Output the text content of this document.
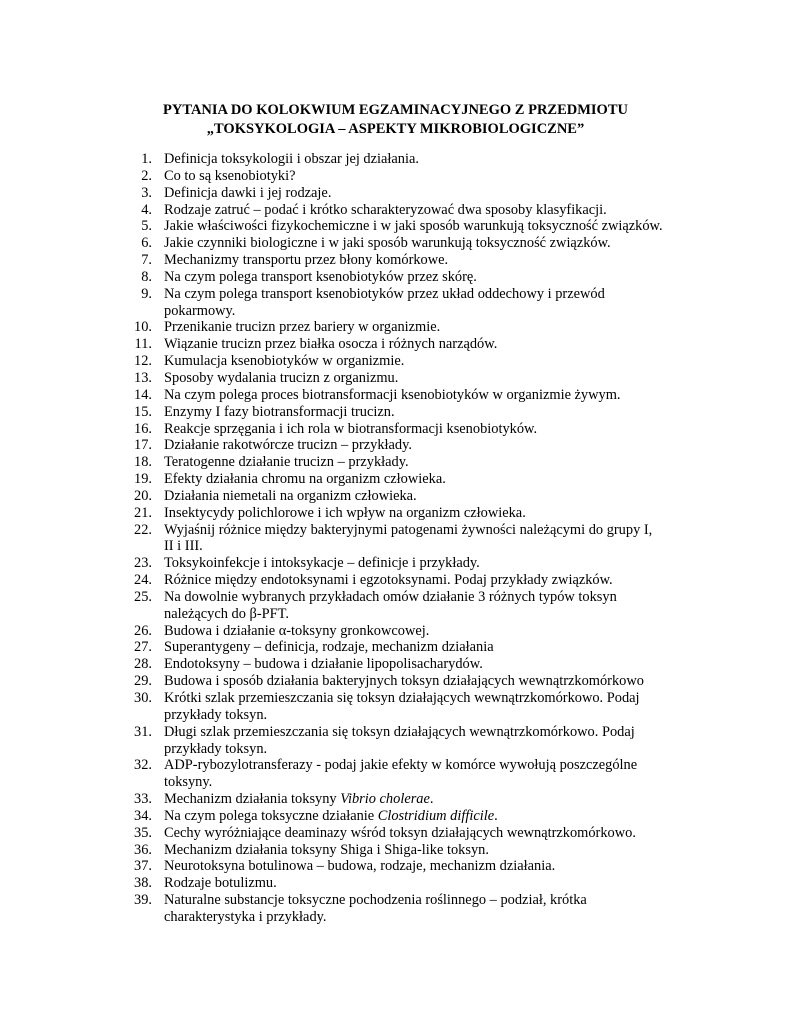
PYTANIA DO KOLOKWIUM EGZAMINACYJNEGO Z PRZEDMIOTU
„TOKSYKOLOGIA – ASPEKTY MIKROBIOLOGICZNE”
1. Definicja toksykologii i obszar jej działania.
2. Co to są ksenobiotyki?
3. Definicja dawki i jej rodzaje.
4. Rodzaje zatruć – podać i krótko scharakteryzować dwa sposoby klasyfikacji.
5. Jakie właściwości fizykochemiczne i w jaki sposób warunkują toksyczność związków.
6. Jakie czynniki biologiczne i w jaki sposób warunkują toksyczność związków.
7. Mechanizmy transportu przez błony komórkowe.
8. Na czym polega transport ksenobiotyków przez skórę.
9. Na czym polega transport ksenobiotyków przez układ oddechowy i przewód
pokarmowy.
10. Przenikanie trucizn przez bariery w organizmie.
11. Wiązanie trucizn przez białka osocza i różnych narządów.
12. Kumulacja ksenobiotyków w organizmie.
13. Sposoby wydalania trucizn z organizmu.
14. Na czym polega proces biotransformacji ksenobiotyków w organizmie żywym.
15. Enzymy I fazy biotransformacji trucizn.
16. Reakcje sprzęgania i ich rola w biotransformacji ksenobiotyków.
17. Działanie rakotwórcze trucizn – przykłady.
18. Teratogenne działanie trucizn – przykłady.
19. Efekty działania chromu na organizm człowieka.
20. Działania niemetali na organizm człowieka.
21. Insektycydy polichlorowe i ich wpływ na organizm człowieka.
22. Wyjaśnij różnice między bakteryjnymi patogenami żywności należącymi do grupy I,
II i III.
23. Toksykoinfekcje i intoksykacje – definicje i przykłady.
24. Różnice między endotoksynami i egzotoksynami. Podaj przykłady związków.
25. Na dowolnie wybranych przykładach omów działanie 3 różnych typów toksyn
należących do β-PFT.
26. Budowa i działanie α-toksyny gronkowcowej.
27. Superantygeny – definicja, rodzaje, mechanizm działania
28. Endotoksyny – budowa i działanie lipopolisacharydów.
29. Budowa i sposób działania bakteryjnych toksyn działających wewnątrzkomórkowo
30. Krótki szlak przemieszczania się toksyn działających wewnątrzkomórkowo. Podaj
przykłady toksyn.
31. Długi szlak przemieszczania się toksyn działających wewnątrzkomórkowo. Podaj
przykłady toksyn.
32. ADP-rybozylotransferazy - podaj jakie efekty w komórce wywołują poszczególne
toksyny.
33. Mechanizm działania toksyny Vibrio cholerae.
34. Na czym polega toksyczne działanie Clostridium difficile.
35. Cechy wyróżniające deaminazy wśród toksyn działających wewnątrzkomórkowo.
36. Mechanizm działania toksyny Shiga i Shiga-like toksyn.
37. Neurotoksyna botulinowa – budowa, rodzaje, mechanizm działania.
38. Rodzaje botulizmu.
39. Naturalne substancje toksyczne pochodzenia roślinnego – podział, krótka
charakterystyka i przykłady.
